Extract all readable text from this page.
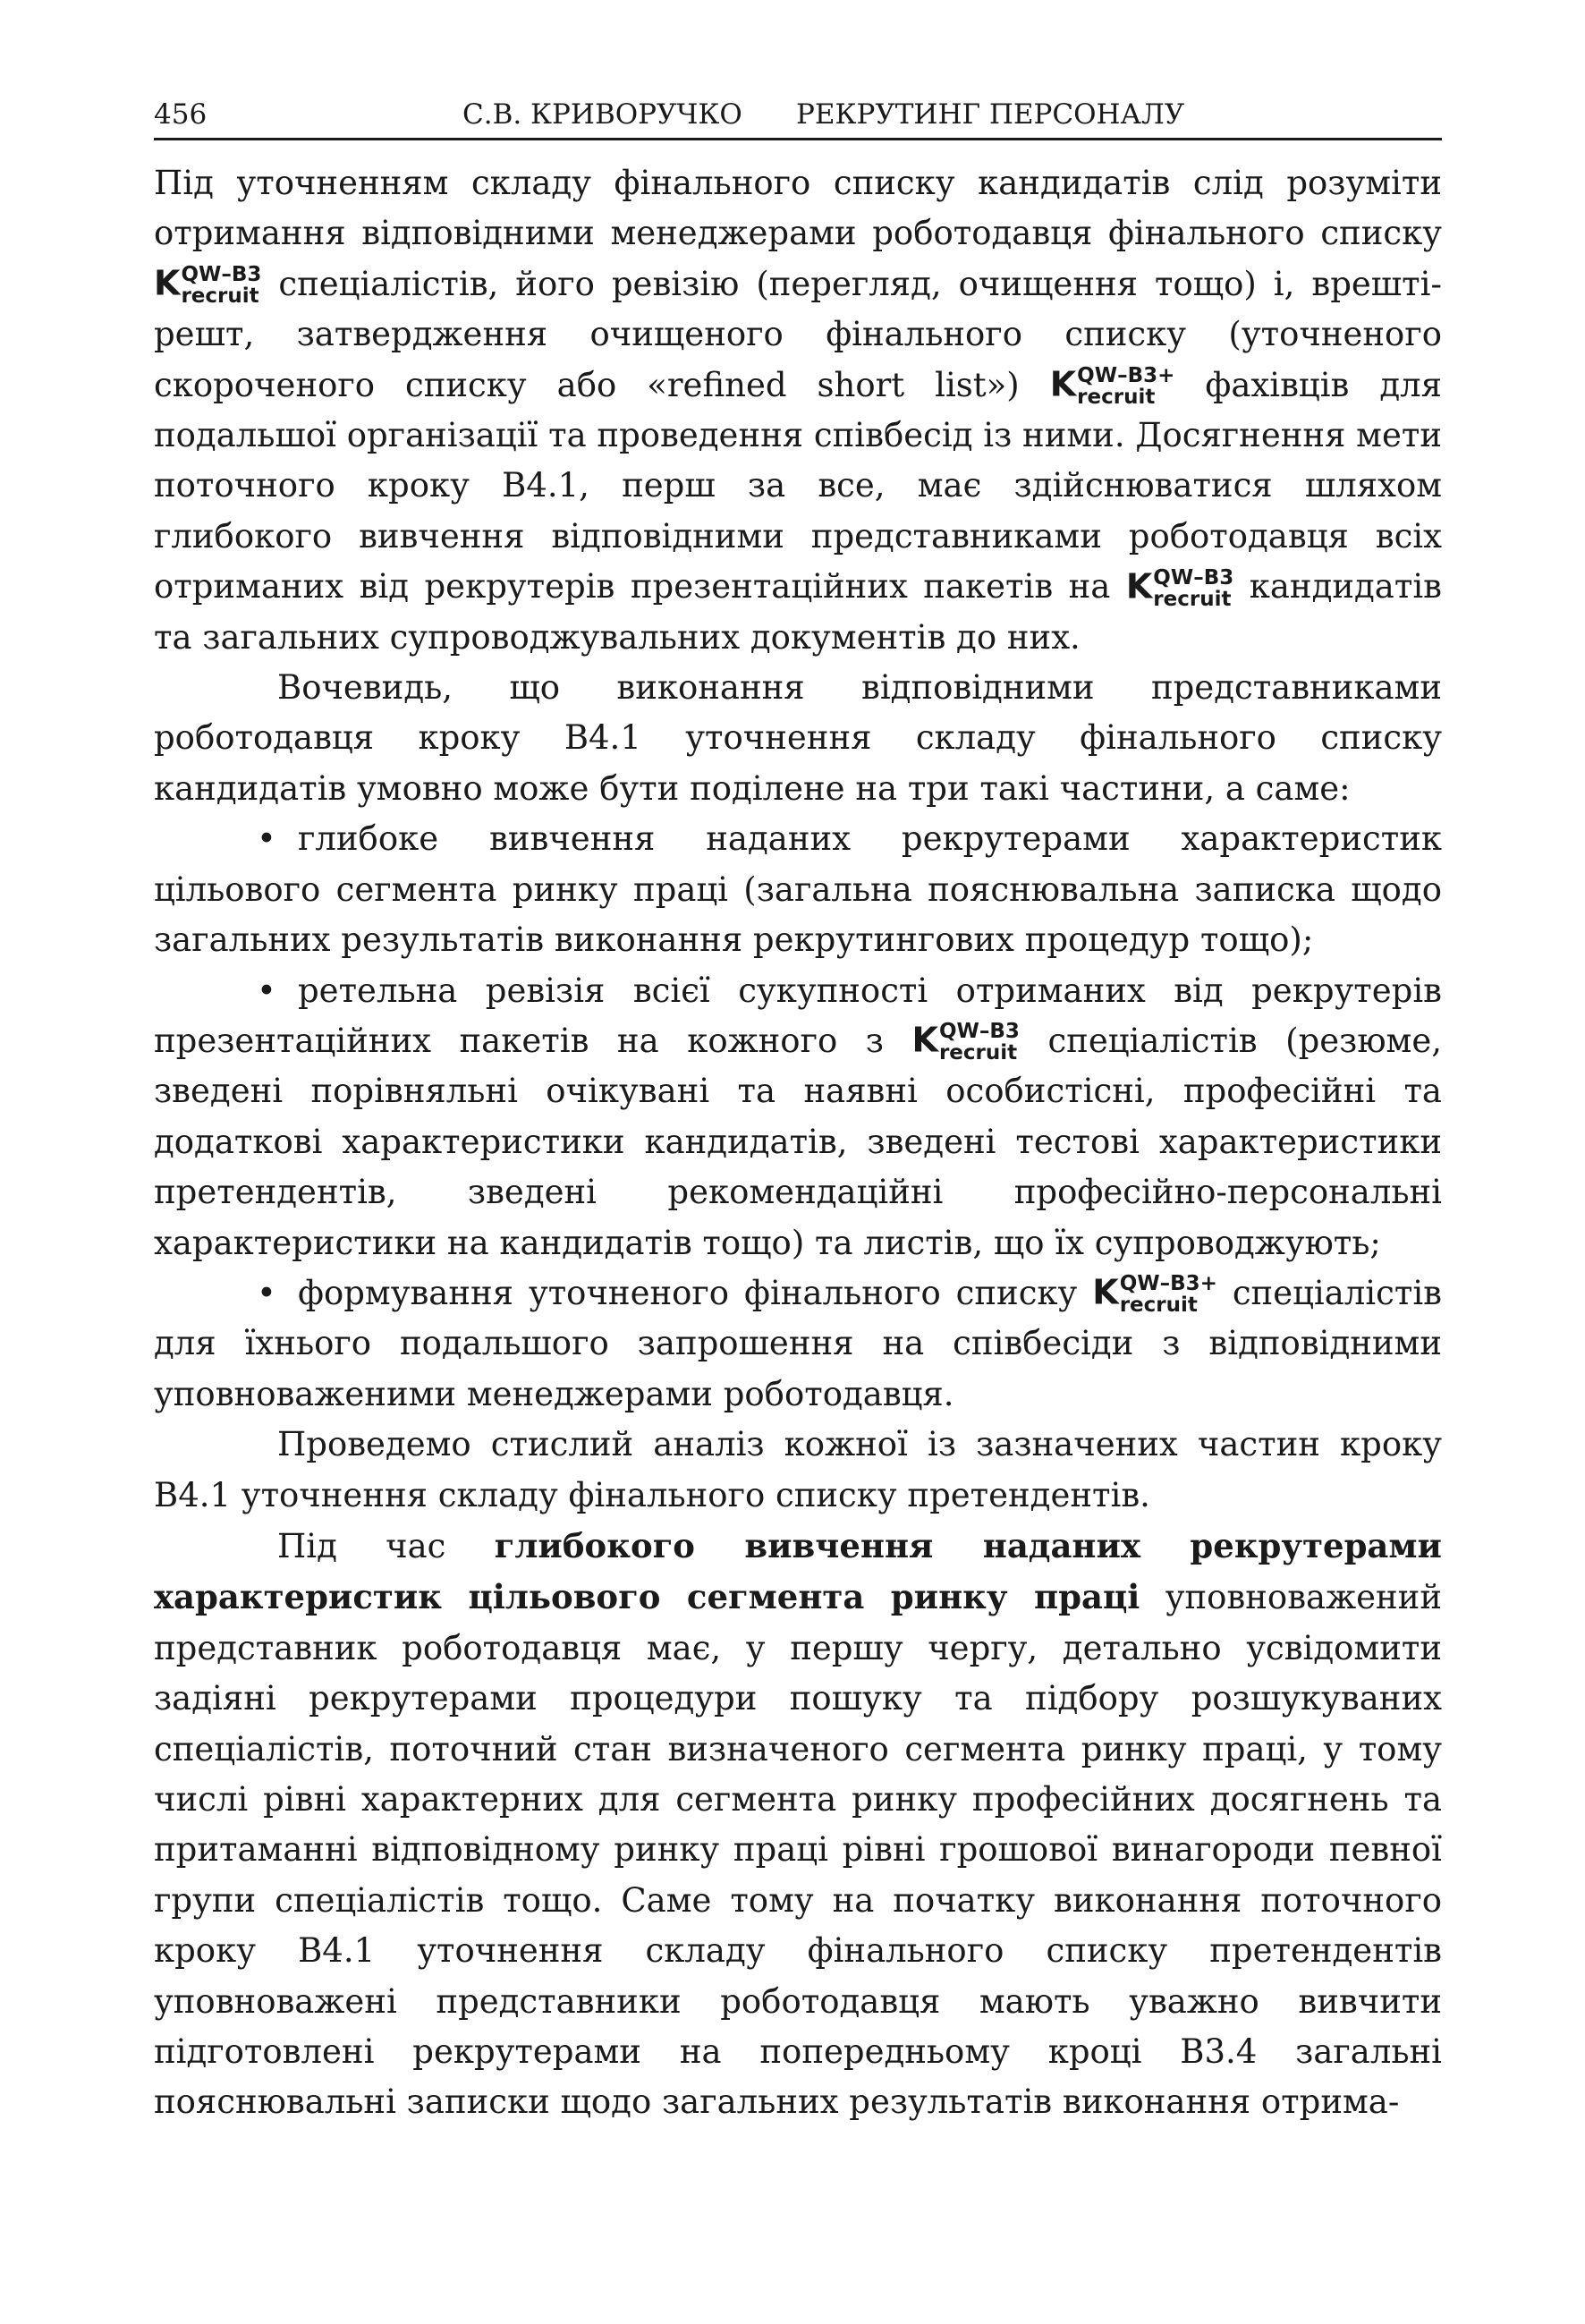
456	С.В. КРИВОРУЧКО РЕКРУТИНГ ПЕРСОНАЛУ

Під уточненням складу фінального списку кандидатів слід розуміти отримання відповідними менеджерами роботодавця фінального списку K QW–B3
recruit спеціалістів, його ревізію (перегляд, очищення тощо) і, врешті-решт, затвердження очищеного фінального списку (уточненого скороченого списку або «refined short list») K QW–B3+
recruit фахівців для подальшої організації та проведення співбесід із ними. Досягнення мети поточного кроку В4.1, перш за все, має здійснюватися шляхом глибокого вивчення відповідними представниками роботодавця всіх отриманих від рекрутерів презентаційних пакетів на K QW–B3
recruit кандидатів та загальних супроводжувальних документів до них.

Вочевидь, що виконання відповідними представниками роботодавця кроку В4.1 уточнення складу фінального списку кандидатів умовно може бути поділене на три такі частини, а саме:

• глибоке вивчення наданих рекрутерами характеристик цільового сегмента ринку праці (загальна пояснювальна записка щодо загальних результатів виконання рекрутингових процедур тощо);

• ретельна ревізія всієї сукупності отриманих від рекрутерів презентаційних пакетів на кожного з K QW–B3
recruit спеціалістів (резюме, зведені порівняльні очікувані та наявні особистісні, професійні та додаткові характеристики кандидатів, зведені тестові характеристики претендентів, зведені рекомендаційні професійно-персональні характеристики на кандидатів тощо) та листів, що їх супроводжують;

• формування уточненого фінального списку K QW–B3+
recruit спеціалістів для їхнього подальшого запрошення на співбесіди з відповідними уповноваженими менеджерами роботодавця.

Проведемо стислий аналіз кожної із зазначених частин кроку В4.1 уточнення складу фінального списку претендентів.

Під час глибокого вивчення наданих рекрутерами характеристик цільового сегмента ринку праці уповноважений представник роботодавця має, у першу чергу, детально усвідомити задіяні рекрутерами процедури пошуку та підбору розшукуваних спеціалістів, поточний стан визначеного сегмента ринку праці, у тому числі рівні характерних для сегмента ринку професійних досягнень та притаманні відповідному ринку праці рівні грошової винагороди певної групи спеціалістів тощо. Саме тому на початку виконання поточного кроку В4.1 уточнення складу фінального списку претендентів уповноважені представники роботодавця мають уважно вивчити підготовлені рекрутерами на попередньому кроці В3.4 загальні пояснювальні записки щодо загальних результатів виконання отрима-
